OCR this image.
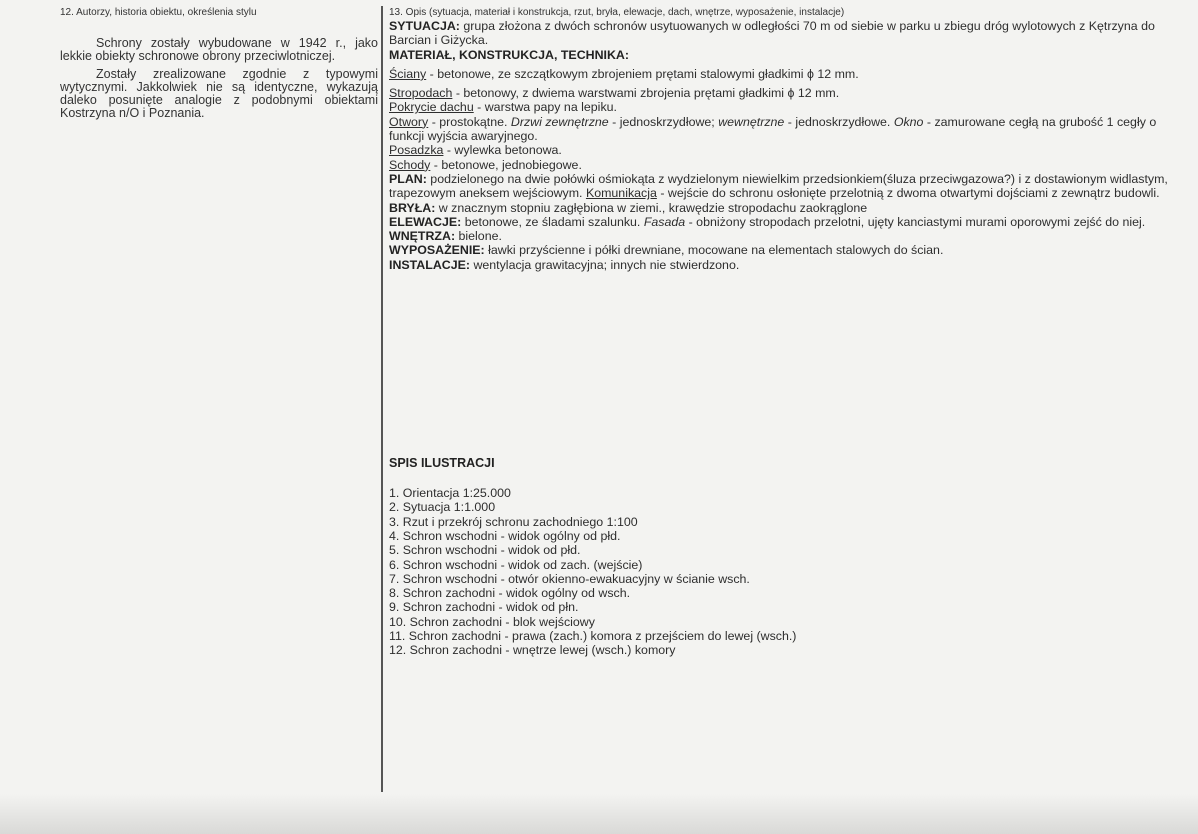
12. Autorzy, historia obiektu, określenia stylu

Schrony zostały wybudowane w 1942 r., jako lekkie obiekty schronowe obrony przeciwlotniczej.

Zostały zrealizowane zgodnie z typowymi wytycznymi. Jakkolwiek nie są identyczne, wykazują daleko posunięte analogie z podobnymi obiektami Kostrzyna n/O i Poznania.

13. Opis (sytuacja, materiał i konstrukcja, rzut, bryła, elewacje, dach, wnętrze, wyposażenie, instalacje)

SYTUACJA: grupa złożona z dwóch schronów usytuowanych w odległości 70 m od siebie w parku u zbiegu dróg wylotowych z Kętrzyna do Barcian i Giżycka.

MATERIAŁ, KONSTRUKCJA, TECHNIKA:

Ściany - betonowe, ze szczątkowym zbrojeniem prętami stalowymi gładkimi ϕ 12 mm.

Stropodach - betonowy, z dwiema warstwami zbrojenia prętami gładkimi ϕ 12 mm.

Pokrycie dachu - warstwa papy na lepiku.

Otwory - prostokątne. Drzwi zewnętrzne - jednoskrzydłowe; wewnętrzne - jednoskrzydłowe. Okno - zamurowane cegłą na grubość 1 cegły o funkcji wyjścia awaryjnego.

Posadzka - wylewka betonowa.

Schody - betonowe, jednobiegowe.

PLAN: podzielonego na dwie połówki ośmiokąta z wydzielonym niewielkim przedsionkiem(śluza przeciwgazowa?) i z dostawionym widlastym, trapezowym aneksem wejściowym. Komunikacja - wejście do schronu osłonięte przelotnią z dwoma otwartymi dojściami z zewnątrz budowli.

BRYŁA: w znacznym stopniu zagłębiona w ziemi., krawędzie stropodachu zaokrąglone

ELEWACJE: betonowe, ze śladami szalunku. Fasada - obniżony stropodach przelotni, ujęty kanciastymi murami oporowymi zejść do niej.

WNĘTRZA: bielone.

WYPOSAŻENIE: ławki przyścienne i półki drewniane, mocowane na elementach stalowych do ścian.

INSTALACJE: wentylacja grawitacyjna; innych nie stwierdzono.

SPIS ILUSTRACJI
1. Orientacja 1:25.000
2. Sytuacja 1:1.000
3. Rzut i przekrój schronu zachodniego 1:100
4. Schron wschodni - widok ogólny od płd.
5. Schron wschodni - widok od płd.
6. Schron wschodni - widok od zach. (wejście)
7. Schron wschodni - otwór okienno-ewakuacyjny w ścianie wsch.
8. Schron zachodni - widok ogólny od wsch.
9. Schron zachodni - widok od płn.
10. Schron zachodni - blok wejściowy
11. Schron zachodni - prawa (zach.) komora z przejściem do lewej (wsch.)
12. Schron zachodni - wnętrze lewej (wsch.) komory
